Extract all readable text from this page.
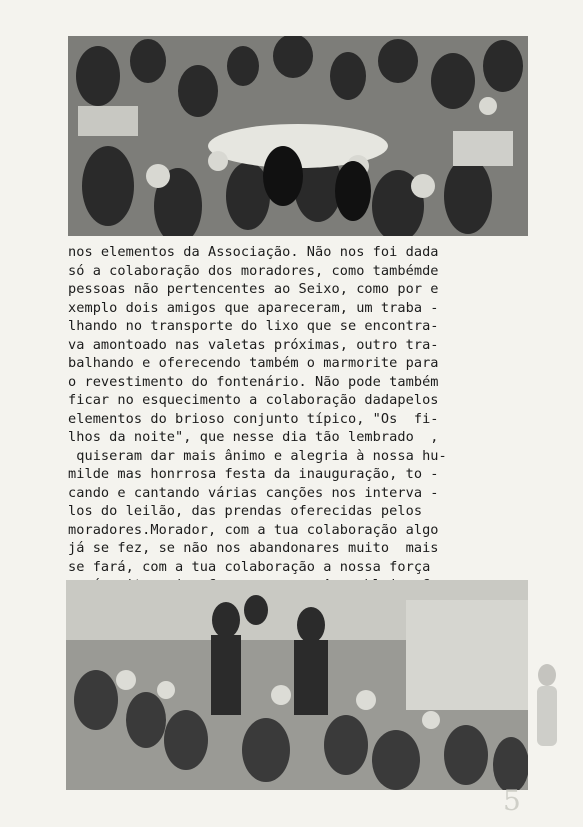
nos elementos da Associação. Não nos foi dada
só a colaboração dos moradores, como tambémde
pessoas não pertencentes ao Seixo, como por e
xemplo dois amigos que apareceram, um traba -
lhando no transporte do lixo que se encontra-
va amontoado nas valetas próximas, outro tra-
balhando e oferecendo também o marmorite para
o revestimento do fontenário. Não pode também
ficar no esquecimento a colaboração dadapelos
elementos do brioso conjunto típico, "Os  fi-
lhos da noite", que nesse dia tão lembrado  ,
quiseram dar mais ânimo e alegria à nossa hu-
milde mas honrrosa festa da inauguração, to -
cando e cantando várias canções nos interva -
los do leilão, das prendas oferecidas pelos
moradores.Morador, com a tua colaboração algo
já se fez, se não nos abandonares muito  mais
se fará, com a tua colaboração a nossa força
5
